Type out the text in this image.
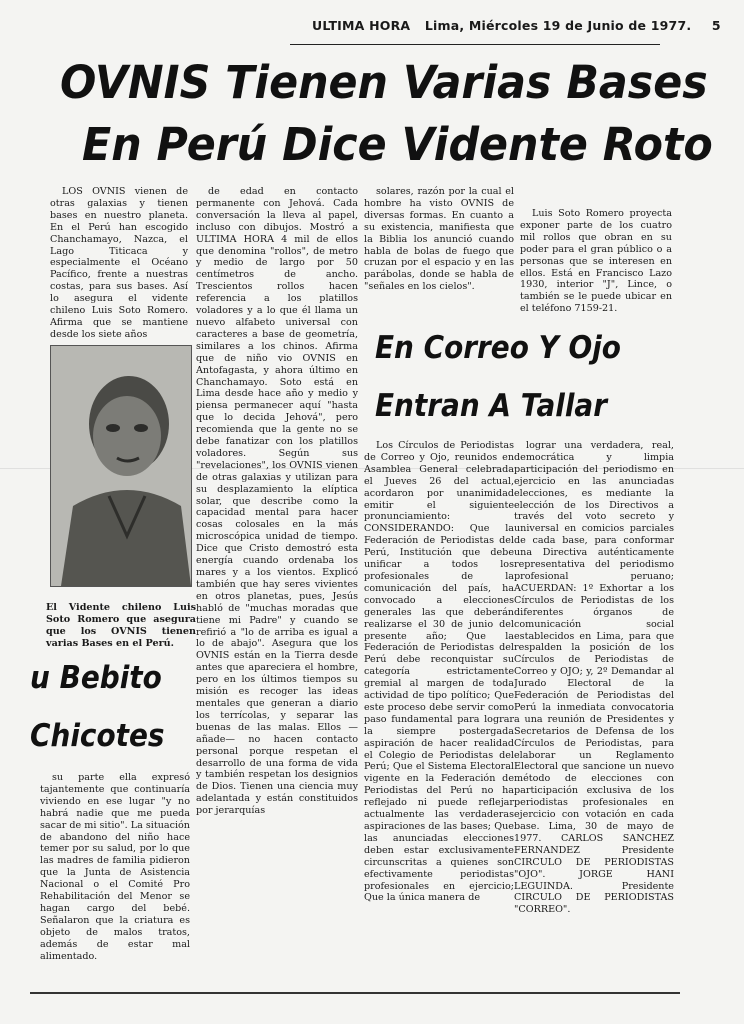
ULTIMA HORA Lima, Miércoles 19 de Junio de 1977. 5
OVNIS Tienen Varias Bases
En Perú Dice Vidente Roto

LOS OVNIS vienen de otras galaxias y tienen bases en nuestro planeta. En el Perú han escogido Chanchamayo, Nazca, el Lago Titicaca y especialmente el Océano Pacífico, frente a nuestras costas, para sus bases. Así lo asegura el vidente chileno Luis Soto Romero. Afirma que se mantiene desde los siete años

El Vidente chileno Luis Soto Romero que asegura que los OVNIS tienen varias Bases en el Perú.

de edad en contacto permanente con Jehová. Cada conversación la lleva al papel, incluso con dibujos. Mostró a ULTIMA HORA 4 mil de ellos que denomina "rollos", de metro y medio de largo por 50 centímetros de ancho. Trescientos rollos hacen referencia a los platillos voladores y a lo que él llama un nuevo alfabeto universal con caracteres a base de geometría, similares a los chinos. Afirma que de niño vio OVNIS en Antofagasta, y ahora último en Chanchamayo. Soto está en Lima desde hace año y medio y piensa permanecer aquí "hasta que lo decida Jehová", pero recomienda que la gente no se debe fanatizar con los platillos voladores. Según sus "revelaciones", los OVNIS vienen de otras galaxias y utilizan para su desplazamiento la elíptica solar, que describe como la capacidad mental para hacer cosas colosales en la más microscópica unidad de tiempo. Dice que Cristo demostró esta energía cuando ordenaba los mares y a los vientos. Explicó también que hay seres vivientes en otros planetas, pues, Jesús habló de "muchas moradas que tiene mi Padre" y cuando se refirió a "lo de arriba es igual a lo de abajo". Asegura que los OVNIS están en la Tierra desde antes que apareciera el hombre, pero en los últimos tiempos su misión es recoger las ideas mentales que generan a diario los terrícolas, y separar las buenas de las malas. Ellos —añade— no hacen contacto personal porque respetan el desarrollo de una forma de vida y también respetan los designios de Dios. Tienen una ciencia muy adelantada y están constituidos por jerarquías

solares, razón por la cual el hombre ha visto OVNIS de diversas formas. En cuanto a su existencia, manifiesta que la Biblia los anunció cuando habla de bolas de fuego que cruzan por el espacio y en las parábolas, donde se habla de "señales en los cielos".

Luis Soto Romero proyecta exponer parte de los cuatro mil rollos que obran en su poder para el gran público o a personas que se interesen en ellos. Está en Francisco Lazo 1930, interior "J", Lince, o también se le puede ubicar en el teléfono 7159-21.

En Correo Y Ojo
Entran A Tallar

Los Círculos de Periodistas de Correo y Ojo, reunidos en Asamblea General celebrada el Jueves 26 del actual, acordaron por unanimidad emitir el siguiente pronunciamiento: CONSIDERANDO: Que la Federación de Periodistas del Perú, Institución que debe unificar a todos los profesionales de la comunicación del país, ha convocado a elecciones generales las que deberán realizarse el 30 de junio del presente año; Que la Federación de Periodistas del Perú debe reconquistar su categoría estrictamente gremial al margen de toda actividad de tipo político; Que este proceso debe servir como paso fundamental para lograr la siempre postergada aspiración de hacer realidad el Colegio de Periodistas del Perú; Que el Sistema Electoral vigente en la Federación de Periodistas del Perú no ha reflejado ni puede reflejar actualmente las verdaderas aspiraciones de las bases; Que las anunciadas elecciones deben estar exclusivamente circunscritas a quienes son efectivamente periodistas profesionales en ejercicio; Que la única manera de

lograr una verdadera, real, democrática y limpia participación del periodismo en ejercicio en las anunciadas elecciones, es mediante la elección de los Directivos a través del voto secreto y universal en comicios parciales de cada base, para conformar una Directiva auténticamente representativa del periodismo profesional peruano; ACUERDAN: 1º Exhortar a los Círculos de Periodistas de los diferentes órganos de comunicación social establecidos en Lima, para que respalden la posición de los Círculos de Periodistas de Correo y OJO; y, 2º Demandar al Jurado Electoral de la Federación de Periodistas del Perú la inmediata convocatoria a una reunión de Presidentes y Secretarios de Defensa de los Círculos de Periodistas, para elaborar un Reglamento Electoral que sancione un nuevo método de elecciones con participación exclusiva de los periodistas profesionales en ejercicio con votación en cada base. Lima, 30 de mayo de 1977. CARLOS SANCHEZ FERNANDEZ Presidente CIRCULO DE PERIODISTAS "OJO". JORGE HANI LEGUINDA. Presidente CIRCULO DE PERIODISTAS "CORREO".

u Bebito
Chicotes

su parte ella expresó tajantemente que continuaría viviendo en ese lugar "y no habrá nadie que me pueda sacar de mi sitio". La situación de abandono del niño hace temer por su salud, por lo que las madres de familia pidieron que la Junta de Asistencia Nacional o el Comité Pro Rehabilitación del Menor se hagan cargo del bebé. Señalaron que la criatura es objeto de malos tratos, además de estar mal alimentado.
